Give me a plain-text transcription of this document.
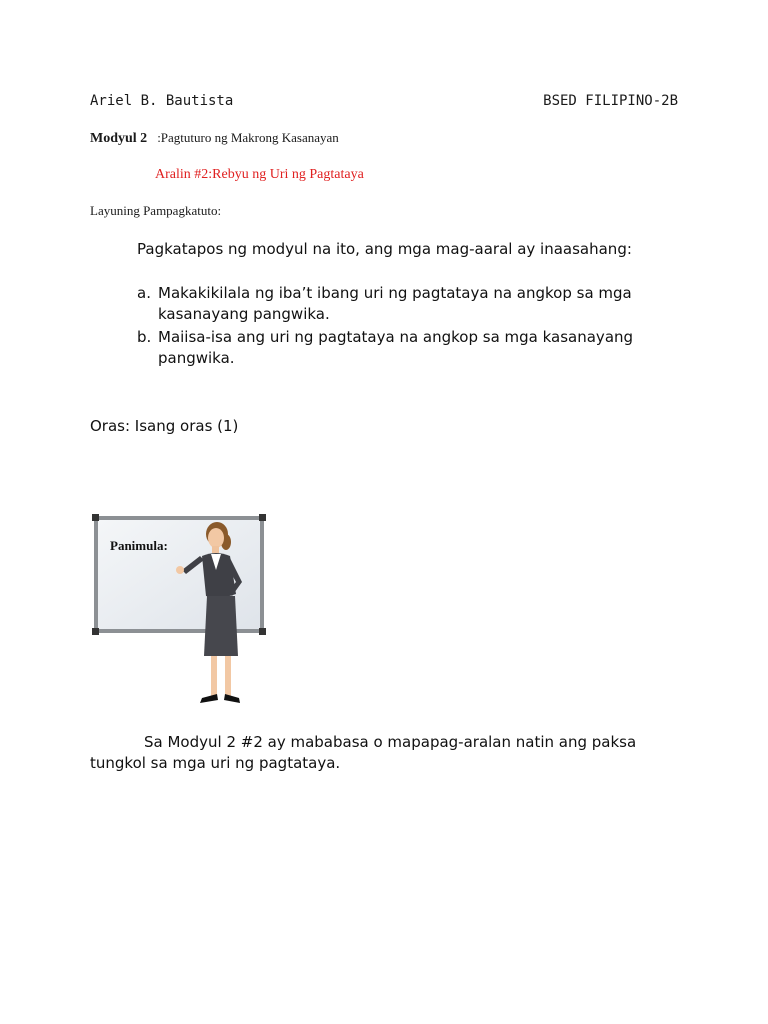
Ariel B. Bautista	BSED FILIPINO-2B
Modyul 2 :Pagtuturo ng Makrong Kasanayan
Aralin #2:Rebyu ng Uri ng Pagtataya
Layuning Pampagkatuto:
Pagkatapos ng modyul na ito, ang mga mag-aaral ay inaasahang:
a. Makakikilala ng iba’t ibang uri ng pagtataya na angkop sa mga kasanayang pangwika.
b. Maiisa-isa ang uri ng pagtataya na angkop sa mga kasanayang pangwika.
Oras: Isang oras (1)
Panimula:
Sa Modyul 2 #2 ay mababasa o mapapag-aralan natin ang paksa tungkol sa mga uri ng pagtataya.
